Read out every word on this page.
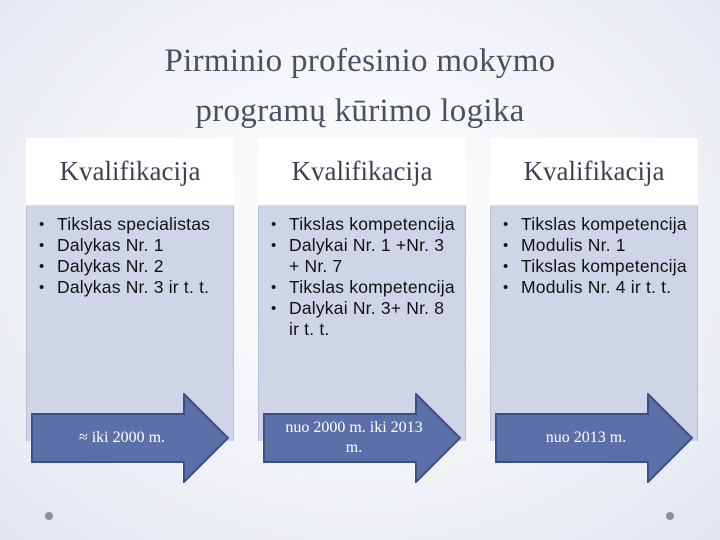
Pirminio profesinio mokymo
programų kūrimo logika
Kvalifikacija
• Tikslas specialistas
• Dalykas Nr. 1
• Dalykas Nr. 2
• Dalykas Nr. 3 ir t. t.
Kvalifikacija
• Tikslas kompetencija
• Dalykai Nr. 1 +Nr. 3 + Nr. 7
• Tikslas kompetencija
• Dalykai Nr. 3+ Nr. 8 ir t. t.
Kvalifikacija
• Tikslas kompetencija
• Modulis Nr. 1
• Tikslas kompetencija
• Modulis Nr. 4 ir t. t.
≈ iki 2000 m.
nuo 2000 m. iki 2013 m.
nuo 2013 m.
